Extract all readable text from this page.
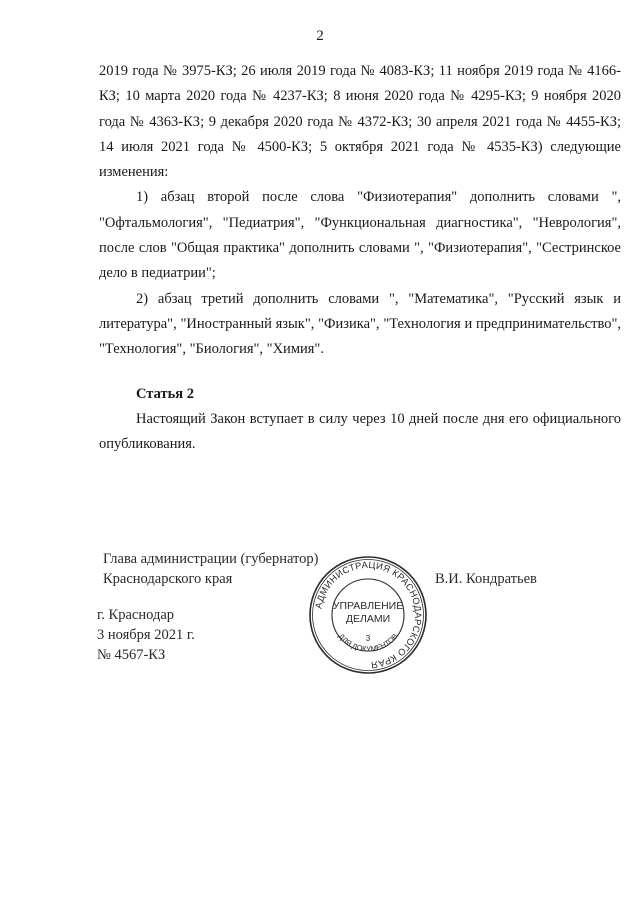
2

2019 года № 3975-КЗ; 26 июля 2019 года № 4083-КЗ; 11 ноября 2019 года № 4166-КЗ; 10 марта 2020 года № 4237-КЗ; 8 июня 2020 года № 4295-КЗ; 9 ноября 2020 года № 4363-КЗ; 9 декабря 2020 года № 4372-КЗ; 30 апреля 2021 года № 4455-КЗ; 14 июля 2021 года № 4500-КЗ; 5 октября 2021 года № 4535-КЗ) следующие изменения:

1) абзац второй после слова "Физиотерапия" дополнить словами ", "Офтальмология", "Педиатрия", "Функциональная диагностика", "Неврология", после слов "Общая практика" дополнить словами ", "Физиотерапия", "Сестринское дело в педиатрии";

2) абзац третий дополнить словами ", "Математика", "Русский язык и литература", "Иностранный язык", "Физика", "Технология и предпринимательство", "Технология", "Биология", "Химия".

Статья 2

Настоящий Закон вступает в силу через 10 дней после дня его официального опубликования.

Глава администрации (губернатор)
Краснодарского края	В.И. Кондратьев
г. Краснодар
3 ноября 2021 г.
№ 4567-КЗ
АДМИНИСТРАЦИЯ КРАСНОДАРСКОГО КРАЯ
ДЛЯ ДОКУМЕНТОВ
УПРАВЛЕНИЕ
ДЕЛАМИ
3
